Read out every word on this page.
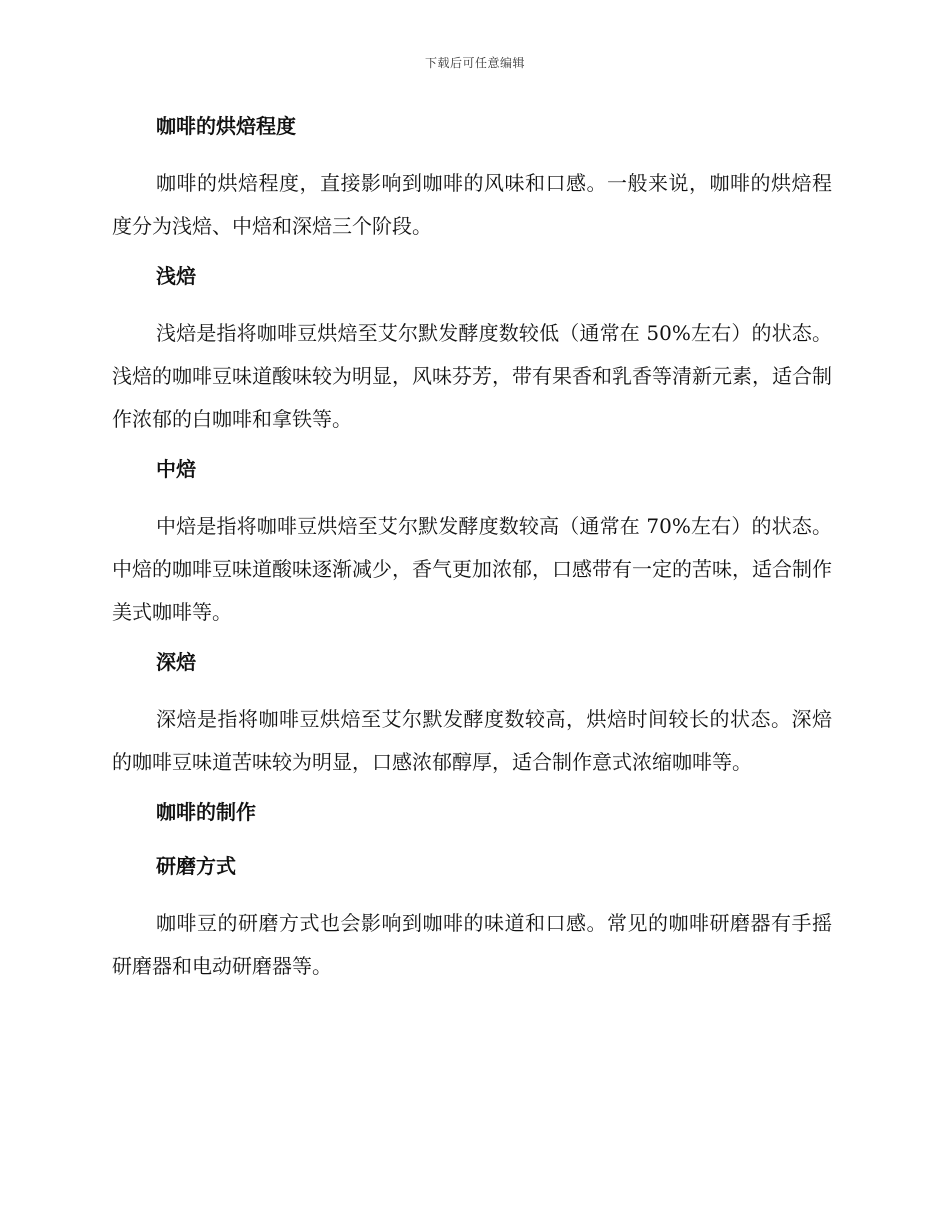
下载后可任意编辑
咖啡的烘焙程度

咖啡的烘焙程度，直接影响到咖啡的风味和口感。一般来说，咖啡的烘焙程度分为浅焙、中焙和深焙三个阶段。

浅焙

浅焙是指将咖啡豆烘焙至艾尔默发酵度数较低（通常在 50%左右）的状态。浅焙的咖啡豆味道酸味较为明显，风味芬芳，带有果香和乳香等清新元素，适合制作浓郁的白咖啡和拿铁等。

中焙

中焙是指将咖啡豆烘焙至艾尔默发酵度数较高（通常在 70%左右）的状态。中焙的咖啡豆味道酸味逐渐减少，香气更加浓郁，口感带有一定的苦味，适合制作美式咖啡等。

深焙

深焙是指将咖啡豆烘焙至艾尔默发酵度数较高，烘焙时间较长的状态。深焙的咖啡豆味道苦味较为明显，口感浓郁醇厚，适合制作意式浓缩咖啡等。

咖啡的制作
研磨方式

咖啡豆的研磨方式也会影响到咖啡的味道和口感。常见的咖啡研磨器有手摇研磨器和电动研磨器等。
